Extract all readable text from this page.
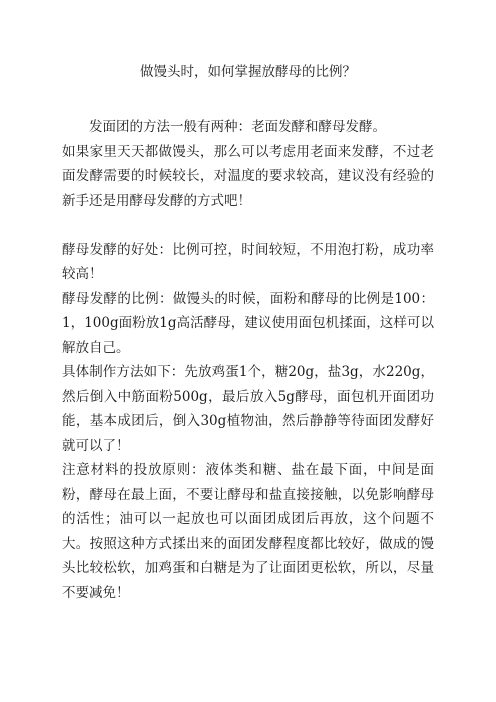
做馒头时，如何掌握放酵母的比例？

发面团的方法一般有两种：老面发酵和酵母发酵。

如果家里天天都做馒头，那么可以考虑用老面来发酵，不过老面发酵需要的时候较长，对温度的要求较高，建议没有经验的新手还是用酵母发酵的方式吧！

酵母发酵的好处：比例可控，时间较短，不用泡打粉，成功率较高！

酵母发酵的比例：做馒头的时候，面粉和酵母的比例是100：1，100g面粉放1g高活酵母，建议使用面包机揉面，这样可以解放自己。

具体制作方法如下：先放鸡蛋1个，糖20g，盐3g，水220g，然后倒入中筋面粉500g，最后放入5g酵母，面包机开面团功能，基本成团后，倒入30g植物油，然后静静等待面团发酵好就可以了！

注意材料的投放原则：液体类和糖、盐在最下面，中间是面粉，酵母在最上面，不要让酵母和盐直接接触，以免影响酵母的活性；油可以一起放也可以面团成团后再放，这个问题不大。按照这种方式揉出来的面团发酵程度都比较好，做成的馒头比较松软，加鸡蛋和白糖是为了让面团更松软，所以，尽量不要减免！
